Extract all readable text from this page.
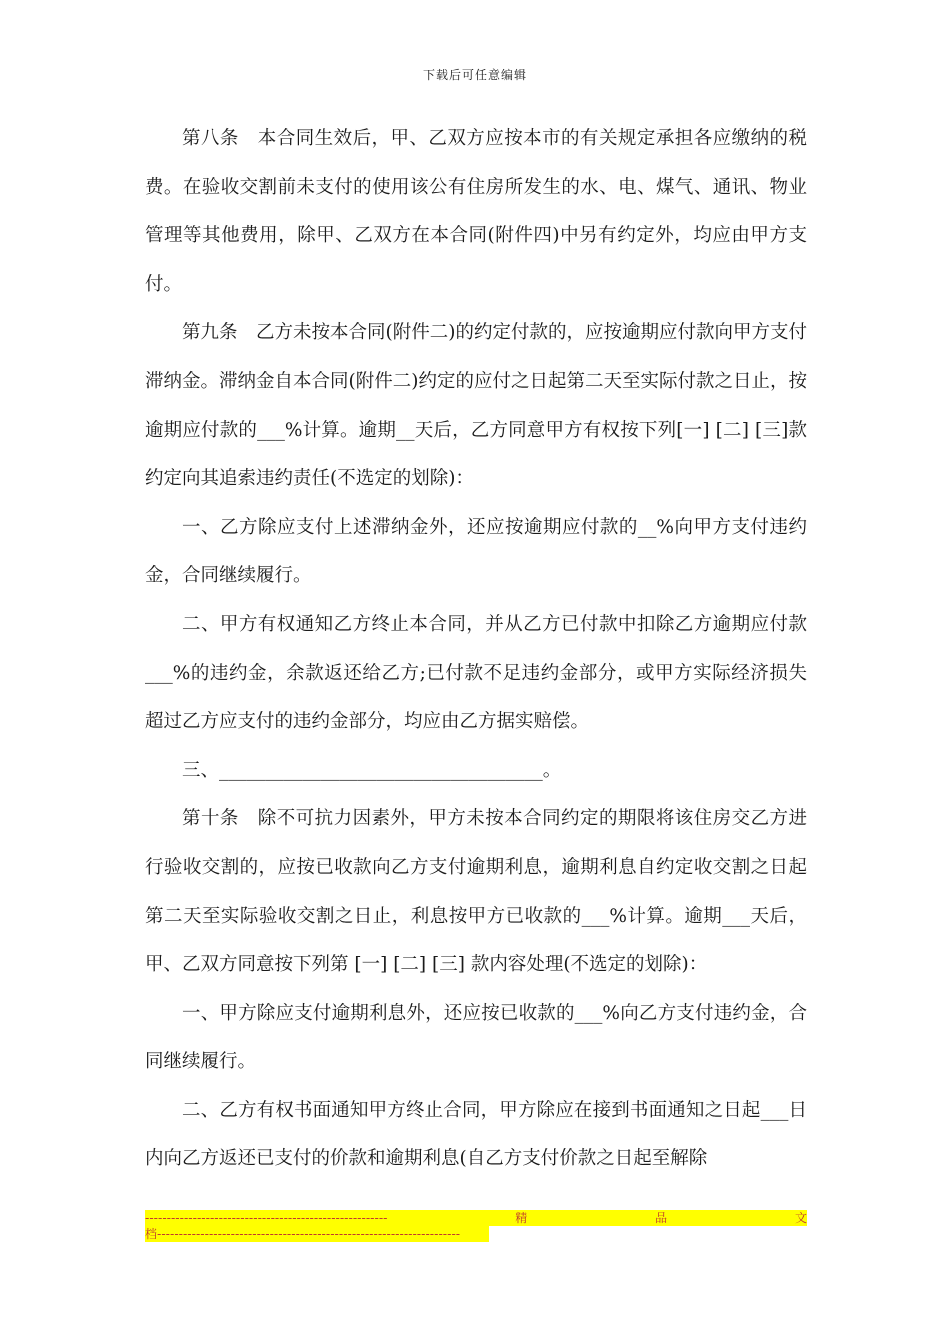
下载后可任意编辑

第八条　本合同生效后，甲、乙双方应按本市的有关规定承担各应缴纳的税费。在验收交割前未支付的使用该公有住房所发生的水、电、煤气、通讯、物业管理等其他费用，除甲、乙双方在本合同(附件四)中另有约定外，均应由甲方支付。

第九条　乙方未按本合同(附件二)的约定付款的，应按逾期应付款向甲方支付滞纳金。滞纳金自本合同(附件二)约定的应付之日起第二天至实际付款之日止，按逾期应付款的___%计算。逾期__天后，乙方同意甲方有权按下列[一] [二] [三]款约定向其追索违约责任(不选定的划除)：

一、乙方除应支付上述滞纳金外，还应按逾期应付款的__%向甲方支付违约金，合同继续履行。

二、甲方有权通知乙方终止本合同，并从乙方已付款中扣除乙方逾期应付款___%的违约金，余款返还给乙方;已付款不足违约金部分，或甲方实际经济损失超过乙方应支付的违约金部分，均应由乙方据实赔偿。

三、___________________________________。

第十条　除不可抗力因素外，甲方未按本合同约定的期限将该住房交乙方进行验收交割的，应按已收款向乙方支付逾期利息，逾期利息自约定收交割之日起第二天至实际验收交割之日止，利息按甲方已收款的___%计算。逾期___天后，甲、乙双方同意按下列第 [一] [二] [三] 款内容处理(不选定的划除)：

一、甲方除应支付逾期利息外，还应按已收款的___%向乙方支付违约金，合同继续履行。

二、乙方有权书面通知甲方终止合同，甲方除应在接到书面通知之日起___日内向乙方返还已支付的价款和逾期利息(自乙方支付价款之日起至解除

--------------------------------------------------------	精	品	文
档----------------------------------------------------------------------
